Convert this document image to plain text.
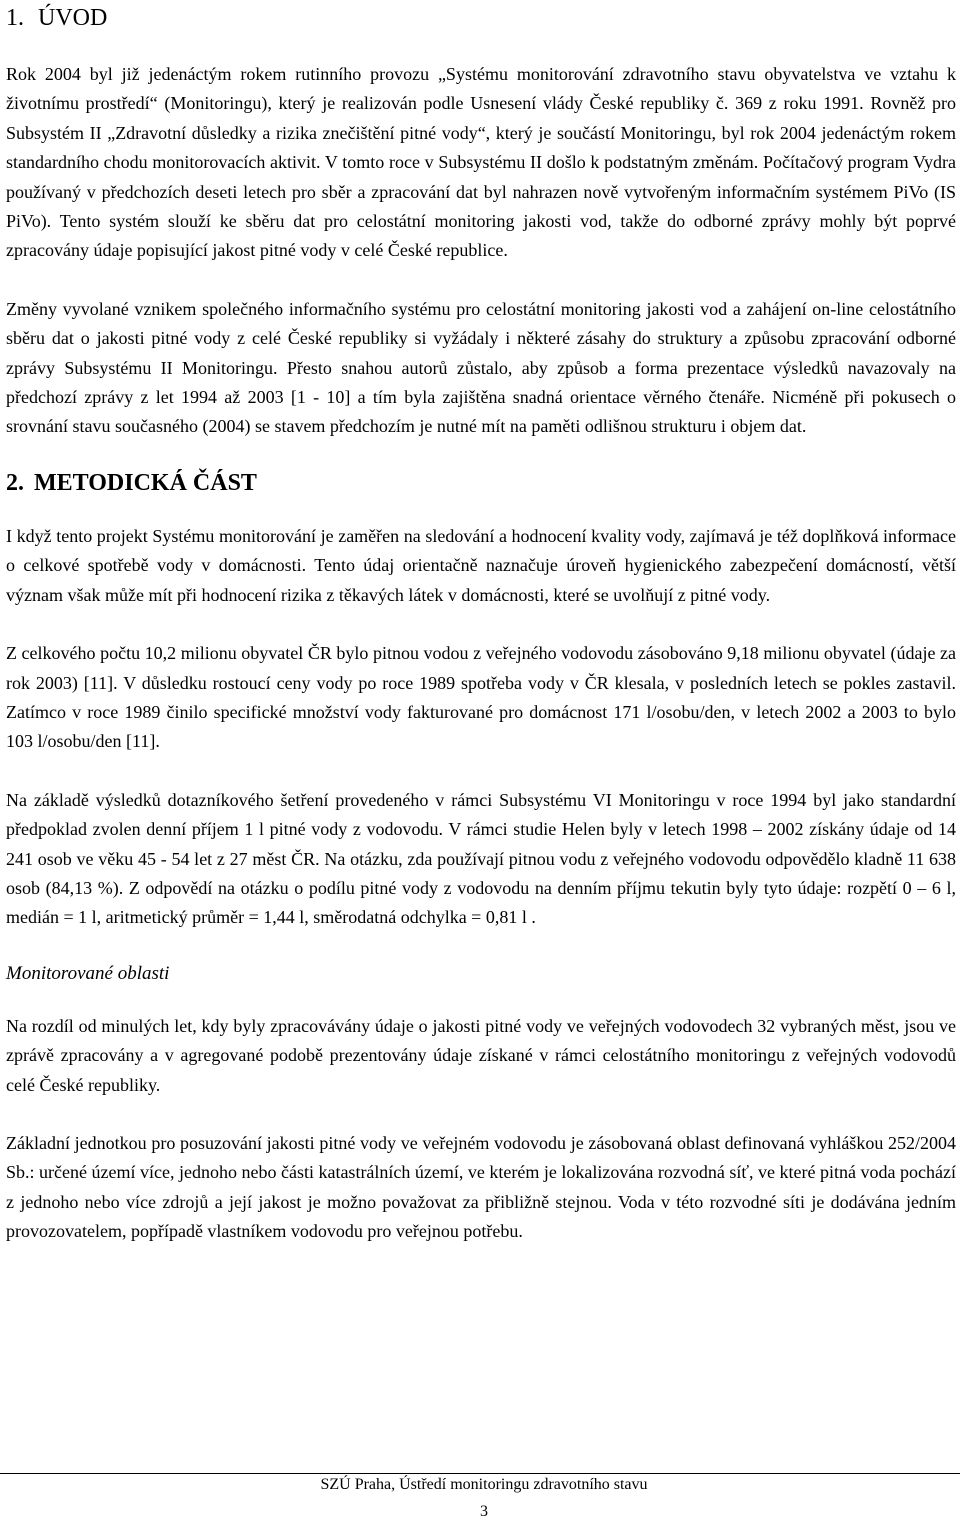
1. ÚVOD

Rok 2004 byl již jedenáctým rokem rutinního provozu „Systému monitorování zdravotního stavu obyvatelstva ve vztahu k životnímu prostředí“ (Monitoringu), který je realizován podle Usnesení vlády České republiky č. 369 z roku 1991. Rovněž pro Subsystém II „Zdravotní důsledky a rizika znečištění pitné vody“, který je součástí Monitoringu, byl rok 2004 jedenáctým rokem standardního chodu monitorovacích aktivit. V tomto roce v Subsystému II došlo k podstatným změnám. Počítačový program Vydra používaný v předchozích deseti letech pro sběr a zpracování dat byl nahrazen nově vytvořeným informačním systémem PiVo (IS PiVo). Tento systém slouží ke sběru dat pro celostátní monitoring jakosti vod, takže do odborné zprávy mohly být poprvé zpracovány údaje popisující jakost pitné vody v celé České republice.

Změny vyvolané vznikem společného informačního systému pro celostátní monitoring jakosti vod a zahájení on-line celostátního sběru dat o jakosti pitné vody z celé České republiky si vyžádaly i některé zásahy do struktury a způsobu zpracování odborné zprávy Subsystému II Monitoringu. Přesto snahou autorů zůstalo, aby způsob a forma prezentace výsledků navazovaly na předchozí zprávy z let 1994 až 2003 [1 - 10] a tím byla zajištěna snadná orientace věrného čtenáře. Nicméně při pokusech o srovnání stavu současného (2004) se stavem předchozím je nutné mít na paměti odlišnou strukturu i objem dat.

2. METODICKÁ ČÁST

I když tento projekt Systému monitorování je zaměřen na sledování a hodnocení kvality vody, zajímavá je též doplňková informace o celkové spotřebě vody v domácnosti. Tento údaj orientačně naznačuje úroveň hygienického zabezpečení domácností, větší význam však může mít při hodnocení rizika z těkavých látek v domácnosti, které se uvolňují z pitné vody.

Z celkového počtu 10,2 milionu obyvatel ČR bylo pitnou vodou z veřejného vodovodu zásobováno 9,18 milionu obyvatel (údaje za rok 2003) [11]. V důsledku rostoucí ceny vody po roce 1989 spotřeba vody v ČR klesala, v posledních letech se pokles zastavil. Zatímco v roce 1989 činilo specifické množství vody fakturované pro domácnost 171 l/osobu/den, v letech 2002 a 2003 to bylo 103 l/osobu/den [11].

Na základě výsledků dotazníkového šetření provedeného v rámci Subsystému VI Monitoringu v roce 1994 byl jako standardní předpoklad zvolen denní příjem 1 l pitné vody z vodovodu. V rámci studie Helen byly v letech 1998 – 2002 získány údaje od 14 241 osob ve věku 45 - 54 let z 27 měst ČR. Na otázku, zda používají pitnou vodu z veřejného vodovodu odpovědělo kladně 11 638 osob (84,13 %). Z odpovědí na otázku o podílu pitné vody z vodovodu na denním příjmu tekutin byly tyto údaje: rozpětí 0 – 6 l, medián = 1 l, aritmetický průměr = 1,44 l, směrodatná odchylka = 0,81 l .

Monitorované oblasti

Na rozdíl od minulých let, kdy byly zpracovávány údaje o jakosti pitné vody ve veřejných vodovodech 32 vybraných měst, jsou ve zprávě zpracovány a v agregované podobě prezentovány údaje získané v rámci celostátního monitoringu z veřejných vodovodů celé České republiky.

Základní jednotkou pro posuzování jakosti pitné vody ve veřejném vodovodu je zásobovaná oblast definovaná vyhláškou 252/2004 Sb.: určené území více, jednoho nebo části katastrálních území, ve kterém je lokalizována rozvodná síť, ve které pitná voda pochází z jednoho nebo více zdrojů a její jakost je možno považovat za přibližně stejnou. Voda v této rozvodné síti je dodávána jedním provozovatelem, popřípadě vlastníkem vodovodu pro veřejnou potřebu.

SZÚ Praha, Ústředí monitoringu zdravotního stavu
3
